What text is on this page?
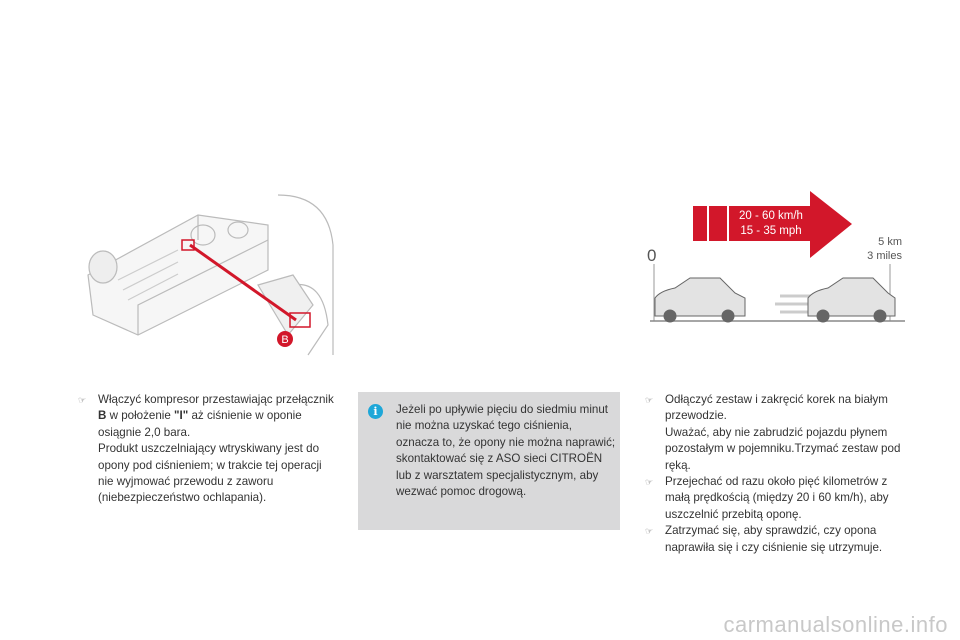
B
20 - 60 km/h
15 - 35 mph
0
5 km
3 miles
☞ Włączyć kompresor przestawiając przełącznik B w położenie "I" aż ciśnienie w oponie osiągnie 2,0 bara.
Produkt uszczelniający wtryskiwany jest do opony pod ciśnieniem; w trakcie tej operacji nie wyjmować przewodu z zaworu (niebezpieczeństwo ochlapania).
i	Jeżeli po upływie pięciu do siedmiu minut nie można uzyskać tego ciśnienia, oznacza to, że opony nie można naprawić; skontaktować się z ASO sieci CITROËN lub z warsztatem specjalistycznym, aby wezwać pomoc drogową.
☞ Odłączyć zestaw i zakręcić korek na białym przewodzie.
Uważać, aby nie zabrudzić pojazdu płynem pozostałym w pojemniku.Trzymać zestaw pod ręką.
☞ Przejechać od razu około pięć kilometrów z małą prędkością (między 20 i 60 km/h), aby uszczelnić przebitą oponę.
☞ Zatrzymać się, aby sprawdzić, czy opona naprawiła się i czy ciśnienie się utrzymuje.
carmanualsonline.info
